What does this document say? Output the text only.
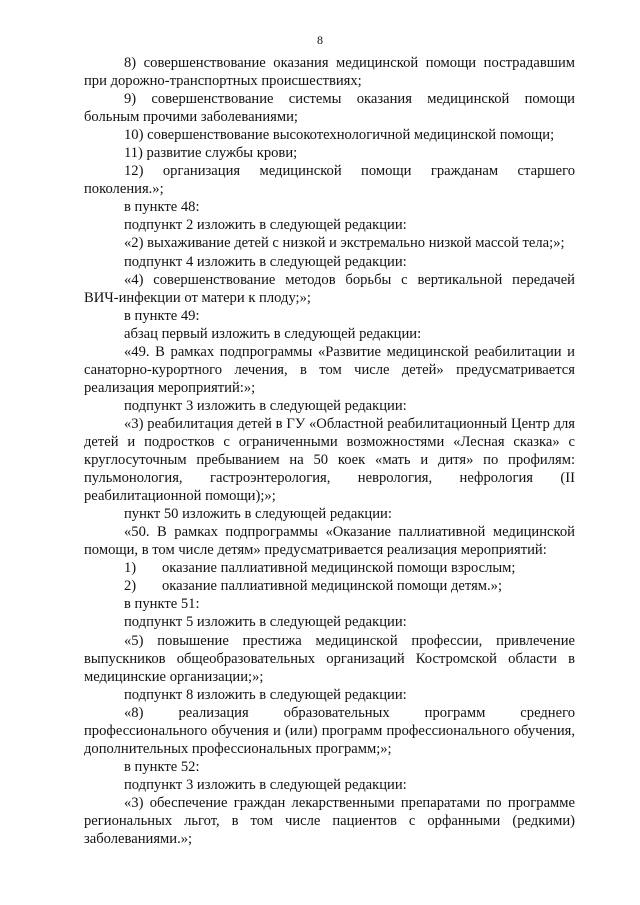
8

8) совершенствование оказания медицинской помощи пострадавшим при дорожно-транспортных происшествиях;

9) совершенствование системы оказания медицинской помощи больным прочими заболеваниями;

10) совершенствование высокотехнологичной медицинской помощи;

11) развитие службы крови;

12) организация медицинской помощи гражданам старшего поколения.»;

в пункте 48:

подпункт 2 изложить в следующей редакции:

«2) выхаживание детей с низкой и экстремально низкой массой тела;»;

подпункт 4 изложить в следующей редакции:

«4) совершенствование методов борьбы с вертикальной передачей ВИЧ-инфекции от матери к плоду;»;

в пункте 49:

абзац первый изложить в следующей редакции:

«49. В рамках подпрограммы «Развитие медицинской реабилитации и санаторно-курортного лечения, в том числе детей» предусматривается реализация мероприятий:»;

подпункт 3 изложить в следующей редакции:

«3) реабилитация детей в ГУ «Областной реабилитационный Центр для детей и подростков с ограниченными возможностями «Лесная сказка» с круглосуточным пребыванием на 50 коек «мать и дитя» по профилям: пульмонология, гастроэнтерология, неврология, нефрология (II реабилитационной помощи);»;

пункт 50 изложить в следующей редакции:

«50. В рамках подпрограммы «Оказание паллиативной медицинской помощи, в том числе детям» предусматривается реализация мероприятий:

1)	оказание паллиативной медицинской помощи взрослым;
2)	оказание паллиативной медицинской помощи детям.»;

в пункте 51:

подпункт 5 изложить в следующей редакции:

«5) повышение престижа медицинской профессии, привлечение выпускников общеобразовательных организаций Костромской области в медицинские организации;»;

подпункт 8 изложить в следующей редакции:

«8) реализация образовательных программ среднего профессионального обучения и (или) программ профессионального обучения, дополнительных профессиональных программ;»;

в пункте 52:

подпункт 3 изложить в следующей редакции:

«3) обеспечение граждан лекарственными препаратами по программе региональных льгот, в том числе пациентов с орфанными (редкими) заболеваниями.»;
